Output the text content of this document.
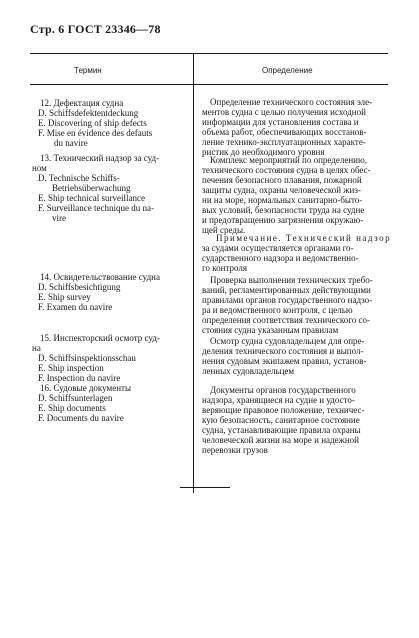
Стр. 6 ГОСТ 23346—78
Термин	Определение
12. Дефектация судна
D. Schiffsdefektentdeckung
E. Discovering of ship defects
F. Mise en évidence des defauts
du navire
13. Технический надзор за суд-
ном
D. Technische Schiffs-
Betriebsüberwachung
E. Ship technical surveillance
F. Surveillance technique du na-
vire
14. Освидетельствование судна
D. Schiffsbesichtigung
E. Ship survey
F. Examen du navire
15. Инспекторский осмотр суд-
на
D. Schiffsinspektionsschau
E. Ship inspection
F. Inspection du navire
16. Судовые документы
D. Schiffsunterlagen
E. Ship documents
F. Documents du navire
Определение технического состояния эле-
ментов судна с целью получения исходной
информации для установления состава и
объема работ, обеспечивающих восстанов-
ление технико-эксплуатационных характе-
ристик до необходимого уровня
Комплекс мероприятий по определению,
технического состояния судна в целях обес-
печения безопасного плавания, пожарной
защиты судна, охраны человеческой жиз-
ни на море, нормальных санитарно-быто-
вых условий, безопасности труда на судне
и предотвращению загрязнения окружаю-
щей среды.
Примечание. Технический надзор
за судами осуществляется органами го-
сударственного надзора и ведомственно-
го контроля
Проверка выполнения технических требо-
ваний, регламентированных действующими
правилами органов государственного надзо-
ра и ведомственного контроля, с целью
определения соответствия технического со-
стояния судна указанным правилам
Осмотр судна судовладельцем для опре-
деления технического состояния и выпол-
нения судовым экипажем правил, установ-
ленных судовладельцем
Документы органов государственного
надзора, хранящиеся на судне и удосто-
веряющие правовое положение, техничес-
кую безопасность, санитарное состояние
судна, устанавливающие правила охраны
человеческой жизни на море и надежной
перевозки грузов
